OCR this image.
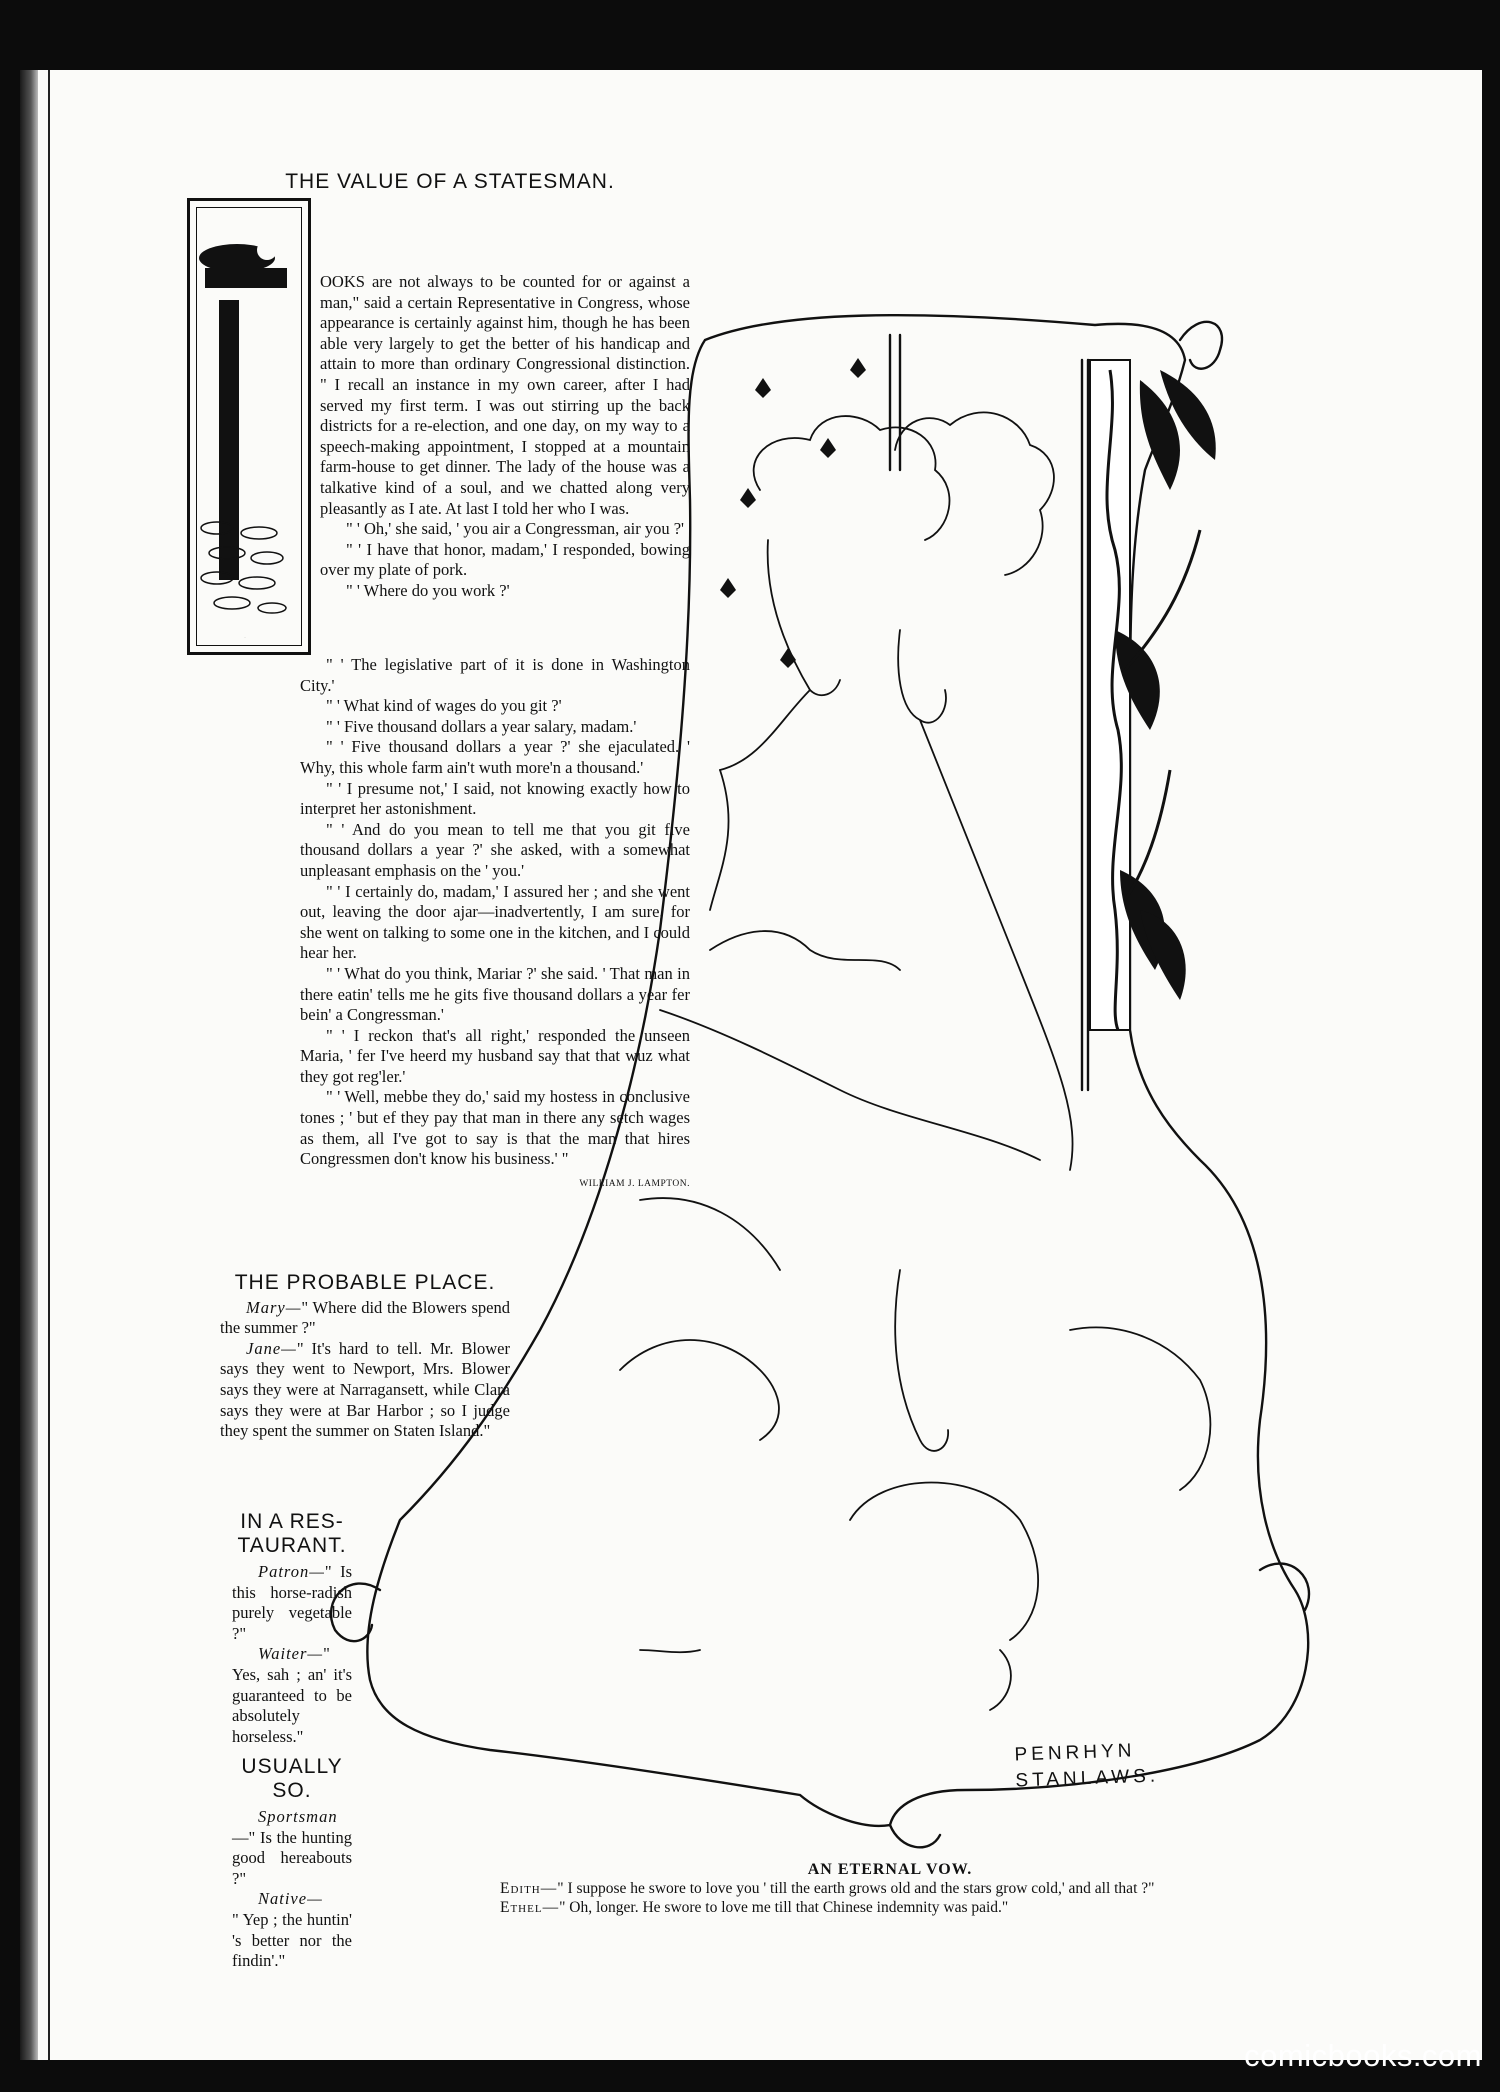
THE VALUE OF A STATESMAN.
B

OOKS are not always to be counted for or against a man," said a certain Representative in Congress, whose appearance is certainly against him, though he has been able very largely to get the better of his handicap and attain to more than ordinary Congressional distinction. " I recall an instance in my own career, after I had served my first term. I was out stirring up the back districts for a re-election, and one day, on my way to a speech-making appointment, I stopped at a mountain farm-house to get dinner. The lady of the house was a talkative kind of a soul, and we chatted along very pleasantly as I ate. At last I told her who I was.

" ' Oh,' she said, ' you air a Congressman, air you ?'

" ' I have that honor, madam,' I responded, bowing over my plate of pork.

" ' Where do you work ?'

" ' The legislative part of it is done in Washington City.'

" ' What kind of wages do you git ?'

" ' Five thousand dollars a year salary, madam.'

" ' Five thousand dollars a year ?' she ejaculated. ' Why, this whole farm ain't wuth more'n a thousand.'

" ' I presume not,' I said, not knowing exactly how to interpret her astonishment.

" ' And do you mean to tell me that you git five thousand dollars a year ?' she asked, with a somewhat unpleasant emphasis on the ' you.'

" ' I certainly do, madam,' I assured her ; and she went out, leaving the door ajar—inadvertently, I am sure, for she went on talking to some one in the kitchen, and I could hear her.

" ' What do you think, Mariar ?' she said. ' That man in there eatin' tells me he gits five thousand dollars a year fer bein' a Congressman.'

" ' I reckon that's all right,' responded the unseen Maria, ' fer I've heerd my husband say that that wuz what they got reg'ler.'

" ' Well, mebbe they do,' said my hostess in conclusive tones ; ' but ef they pay that man in there any setch wages as them, all I've got to say is that the man that hires Congressmen don't know his business.' "

WILLIAM J. LAMPTON.

THE PROBABLE PLACE.

Mary—" Where did the Blowers spend the summer ?"

Jane—" It's hard to tell. Mr. Blower says they went to Newport, Mrs. Blower says they were at Narragansett, while Clara says they were at Bar Harbor ; so I judge they spent the summer on Staten Island."

IN A RES-
TAURANT.

Patron—" Is this horse-radish purely vegetable ?"

Waiter—" Yes, sah ; an' it's guaranteed to be absolutely horseless."

USUALLY
SO.

Sportsman

—" Is the hunting good hereabouts ?"

Native—

" Yep ; the huntin' 's better nor the findin'."

PENRHYN
STANLAWS.
AN ETERNAL VOW.
Edith—" I suppose he swore to love you ' till the earth grows old and the stars grow cold,' and all that ?"
Ethel—" Oh, longer. He swore to love me till that Chinese indemnity was paid."
comicbooks.com
